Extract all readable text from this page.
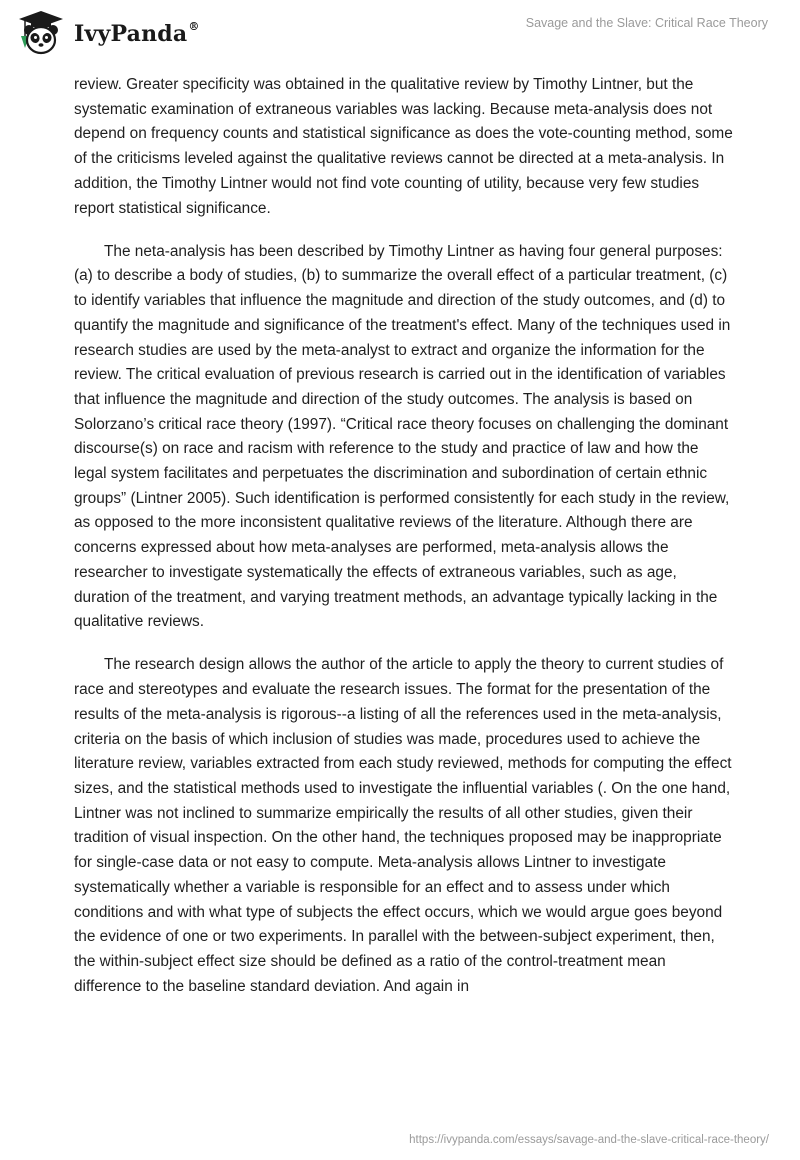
IvyPanda®	Savage and the Slave: Critical Race Theory

review. Greater specificity was obtained in the qualitative review by Timothy Lintner, but the systematic examination of extraneous variables was lacking. Because meta-analysis does not depend on frequency counts and statistical significance as does the vote-counting method, some of the criticisms leveled against the qualitative reviews cannot be directed at a meta-analysis. In addition, the Timothy Lintner would not find vote counting of utility, because very few studies report statistical significance.

The neta-analysis has been described by Timothy Lintner as having four general purposes: (a) to describe a body of studies, (b) to summarize the overall effect of a particular treatment, (c) to identify variables that influence the magnitude and direction of the study outcomes, and (d) to quantify the magnitude and significance of the treatment's effect. Many of the techniques used in research studies are used by the meta-analyst to extract and organize the information for the review. The critical evaluation of previous research is carried out in the identification of variables that influence the magnitude and direction of the study outcomes. The analysis is based on Solorzano’s critical race theory (1997). “Critical race theory focuses on challenging the dominant discourse(s) on race and racism with reference to the study and practice of law and how the legal system facilitates and perpetuates the discrimination and subordination of certain ethnic groups” (Lintner 2005). Such identification is performed consistently for each study in the review, as opposed to the more inconsistent qualitative reviews of the literature. Although there are concerns expressed about how meta-analyses are performed, meta-analysis allows the researcher to investigate systematically the effects of extraneous variables, such as age, duration of the treatment, and varying treatment methods, an advantage typically lacking in the qualitative reviews.

The research design allows the author of the article to apply the theory to current studies of race and stereotypes and evaluate the research issues. The format for the presentation of the results of the meta-analysis is rigorous--a listing of all the references used in the meta-analysis, criteria on the basis of which inclusion of studies was made, procedures used to achieve the literature review, variables extracted from each study reviewed, methods for computing the effect sizes, and the statistical methods used to investigate the influential variables (. On the one hand, Lintner was not inclined to summarize empirically the results of all other studies, given their tradition of visual inspection. On the other hand, the techniques proposed may be inappropriate for single-case data or not easy to compute. Meta-analysis allows Lintner to investigate systematically whether a variable is responsible for an effect and to assess under which conditions and with what type of subjects the effect occurs, which we would argue goes beyond the evidence of one or two experiments. In parallel with the between-subject experiment, then, the within-subject effect size should be defined as a ratio of the control-treatment mean difference to the baseline standard deviation. And again in

https://ivypanda.com/essays/savage-and-the-slave-critical-race-theory/
